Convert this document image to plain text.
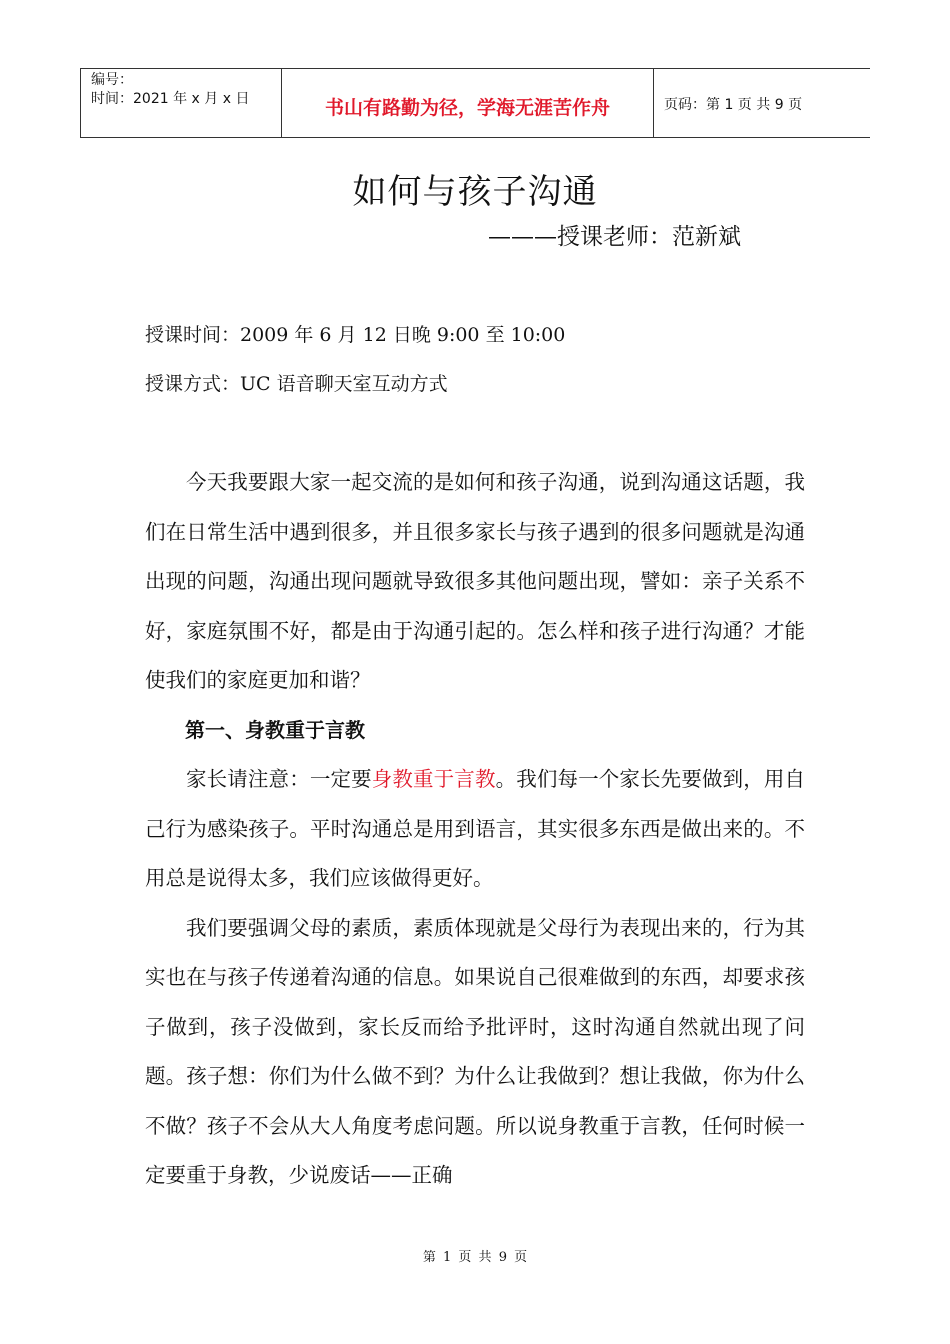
编号：
时间：2021 年 x 月 x 日	书山有路勤为径，学海无涯苦作舟	页码：第 1 页 共 9 页
如何与孩子沟通
———授课老师：范新斌
授课时间：2009 年 6 月 12 日晚 9:00 至 10:00
授课方式：UC 语音聊天室互动方式

今天我要跟大家一起交流的是如何和孩子沟通，说到沟通这话题，我们在日常生活中遇到很多，并且很多家长与孩子遇到的很多问题就是沟通出现的问题，沟通出现问题就导致很多其他问题出现，譬如：亲子关系不好，家庭氛围不好，都是由于沟通引起的。怎么样和孩子进行沟通？才能使我们的家庭更加和谐？

第一、身教重于言教

家长请注意：一定要身教重于言教。我们每一个家长先要做到，用自己行为感染孩子。平时沟通总是用到语言，其实很多东西是做出来的。不用总是说得太多，我们应该做得更好。

我们要强调父母的素质，素质体现就是父母行为表现出来的，行为其实也在与孩子传递着沟通的信息。如果说自己很难做到的东西，却要求孩子做到，孩子没做到，家长反而给予批评时，这时沟通自然就出现了问题。孩子想：你们为什么做不到？为什么让我做到？想让我做，你为什么不做？孩子不会从大人角度考虑问题。所以说身教重于言教，任何时候一定要重于身教，少说废话——正确

第 1 页 共 9 页
